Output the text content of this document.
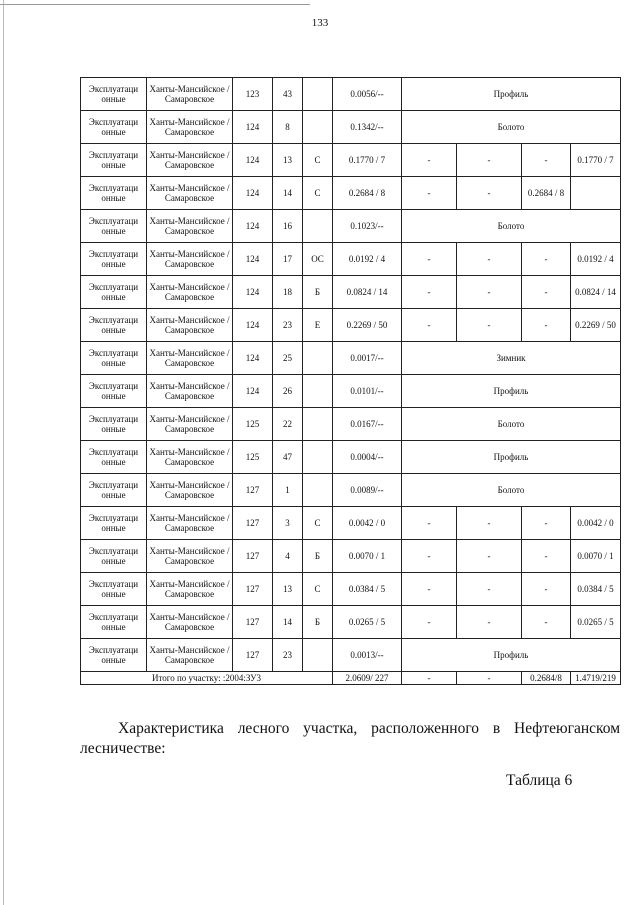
133
Эксплуатаци онные	Ханты-Мансийское / Самаровское	123	43		0.0056/--	Профиль			
Эксплуатаци онные	Ханты-Мансийское / Самаровское	124	8		0.1342/--	Болото			
Эксплуатаци онные	Ханты-Мансийское / Самаровское	124	13	С	0.1770 / 7	-	-	-	0.1770 / 7
Эксплуатаци онные	Ханты-Мансийское / Самаровское	124	14	С	0.2684 / 8	-	-	0.2684 / 8	
Эксплуатаци онные	Ханты-Мансийское / Самаровское	124	16		0.1023/--	Болото			
Эксплуатаци онные	Ханты-Мансийское / Самаровское	124	17	ОС	0.0192 / 4	-	-	-	0.0192 / 4
Эксплуатаци онные	Ханты-Мансийское / Самаровское	124	18	Б	0.0824 / 14	-	-	-	0.0824 / 14
Эксплуатаци онные	Ханты-Мансийское / Самаровское	124	23	Е	0.2269 / 50	-	-	-	0.2269 / 50
Эксплуатаци онные	Ханты-Мансийское / Самаровское	124	25		0.0017/--	Зимник			
Эксплуатаци онные	Ханты-Мансийское / Самаровское	124	26		0.0101/--	Профиль			
Эксплуатаци онные	Ханты-Мансийское / Самаровское	125	22		0.0167/--	Болото			
Эксплуатаци онные	Ханты-Мансийское / Самаровское	125	47		0.0004/--	Профиль			
Эксплуатаци онные	Ханты-Мансийское / Самаровское	127	1		0.0089/--	Болото			
Эксплуатаци онные	Ханты-Мансийское / Самаровское	127	3	С	0.0042 / 0	-	-	-	0.0042 / 0
Эксплуатаци онные	Ханты-Мансийское / Самаровское	127	4	Б	0.0070 / 1	-	-	-	0.0070 / 1
Эксплуатаци онные	Ханты-Мансийское / Самаровское	127	13	С	0.0384 / 5	-	-	-	0.0384 / 5
Эксплуатаци онные	Ханты-Мансийское / Самаровское	127	14	Б	0.0265 / 5	-	-	-	0.0265 / 5
Эксплуатаци онные	Ханты-Мансийское / Самаровское	127	23		0.0013/--	Профиль			
Итого по участку: :2004:ЗУ3					2.0609/ 227	-	-	0.2684/8	1.4719/219
Характеристика лесного участка, расположенного в Нефтеюганском лесничестве:
Таблица 6
